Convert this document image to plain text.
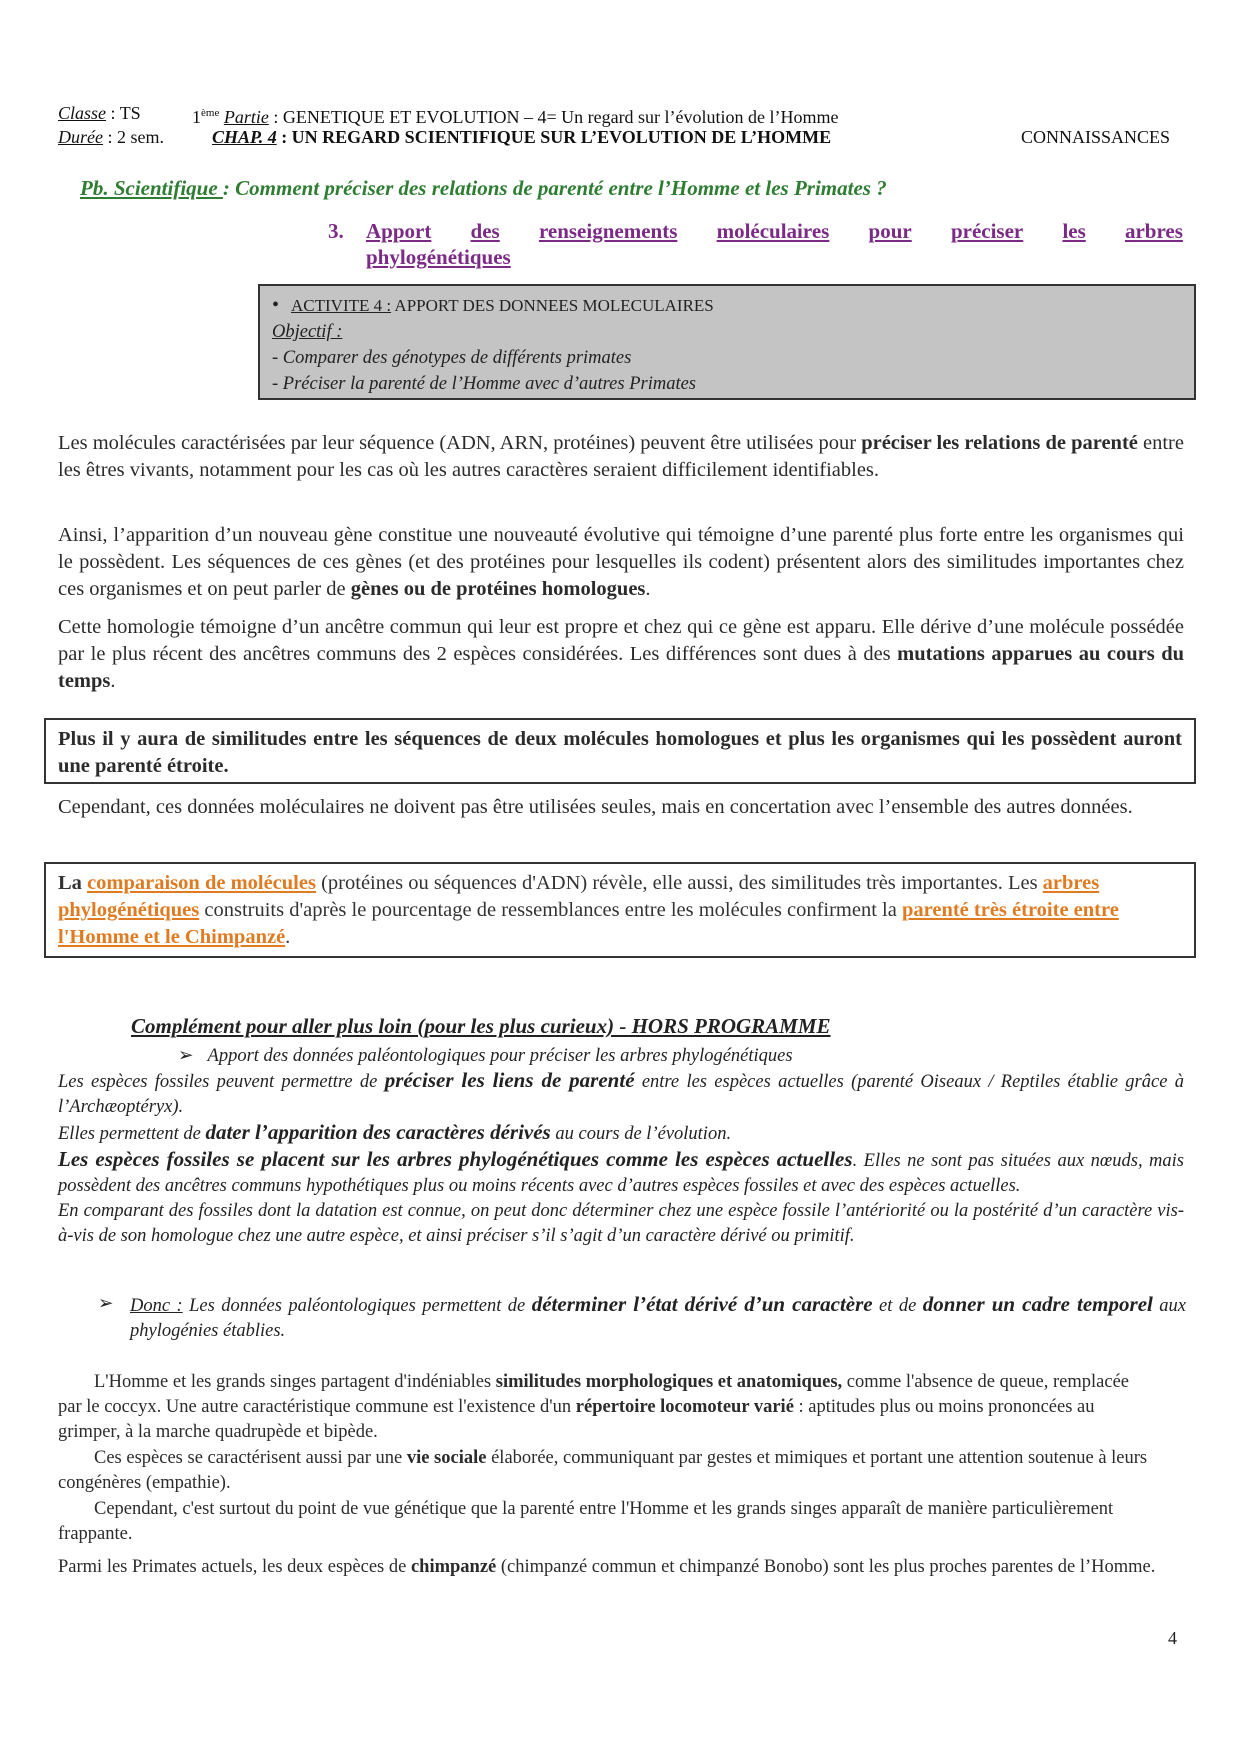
Classe : TS	1ème Partie : GENETIQUE ET EVOLUTION – 4= Un regard sur l’évolution de l’Homme
Durée : 2 sem.	CHAP. 4 : UN REGARD SCIENTIFIQUE SUR L’EVOLUTION DE L’HOMME	CONNAISSANCES
Pb. Scientifique : Comment préciser des relations de parenté entre l’Homme et les Primates ?
3. Apport des renseignements moléculaires pour préciser les arbres
phylogénétiques
• ACTIVITE 4 : APPORT DES DONNEES MOLECULAIRES
Objectif :
- Comparer des génotypes de différents primates
- Préciser la parenté de l’Homme avec d’autres Primates
Les molécules caractérisées par leur séquence (ADN, ARN, protéines) peuvent être utilisées pour préciser les relations de parenté entre les êtres vivants, notamment pour les cas où les autres caractères seraient difficilement identifiables.
Ainsi, l’apparition d’un nouveau gène constitue une nouveauté évolutive qui témoigne d’une parenté plus forte entre les organismes qui le possèdent. Les séquences de ces gènes (et des protéines pour lesquelles ils codent) présentent alors des similitudes importantes chez ces organismes et on peut parler de gènes ou de protéines homologues.
Cette homologie témoigne d’un ancêtre commun qui leur est propre et chez qui ce gène est apparu. Elle dérive d’une molécule possédée par le plus récent des ancêtres communs des 2 espèces considérées. Les différences sont dues à des mutations apparues au cours du temps.
Plus il y aura de similitudes entre les séquences de deux molécules homologues et plus les organismes qui les possèdent auront une parenté étroite.
Cependant, ces données moléculaires ne doivent pas être utilisées seules, mais en concertation avec l’ensemble des autres données.
La comparaison de molécules (protéines ou séquences d'ADN) révèle, elle aussi, des similitudes très importantes. Les arbres phylogénétiques construits d'après le pourcentage de ressemblances entre les molécules confirment la parenté très étroite entre l'Homme et le Chimpanzé.
Complément pour aller plus loin (pour les plus curieux) - HORS PROGRAMME
➢ Apport des données paléontologiques pour préciser les arbres phylogénétiques
Les espèces fossiles peuvent permettre de préciser les liens de parenté entre les espèces actuelles (parenté Oiseaux / Reptiles établie grâce à l’Archæoptéryx).
Elles permettent de dater l’apparition des caractères dérivés au cours de l’évolution.
Les espèces fossiles se placent sur les arbres phylogénétiques comme les espèces actuelles. Elles ne sont pas situées aux nœuds, mais possèdent des ancêtres communs hypothétiques plus ou moins récents avec d’autres espèces fossiles et avec des espèces actuelles.
En comparant des fossiles dont la datation est connue, on peut donc déterminer chez une espèce fossile l’antériorité ou la postérité d’un caractère vis-à-vis de son homologue chez une autre espèce, et ainsi préciser s’il s’agit d’un caractère dérivé ou primitif.
➢ Donc : Les données paléontologiques permettent de déterminer l’état dérivé d’un caractère et de donner un cadre temporel aux phylogénies établies.
L'Homme et les grands singes partagent d'indéniables similitudes morphologiques et anatomiques, comme l'absence de queue, remplacée par le coccyx. Une autre caractéristique commune est l'existence d'un répertoire locomoteur varié : aptitudes plus ou moins prononcées au grimper, à la marche quadrupède et bipède.
Ces espèces se caractérisent aussi par une vie sociale élaborée, communiquant par gestes et mimiques et portant une attention soutenue à leurs congénères (empathie).
Cependant, c'est surtout du point de vue génétique que la parenté entre l'Homme et les grands singes apparaît de manière particulièrement frappante.
Parmi les Primates actuels, les deux espèces de chimpanzé (chimpanzé commun et chimpanzé Bonobo) sont les plus proches parentes de l’Homme.
4
